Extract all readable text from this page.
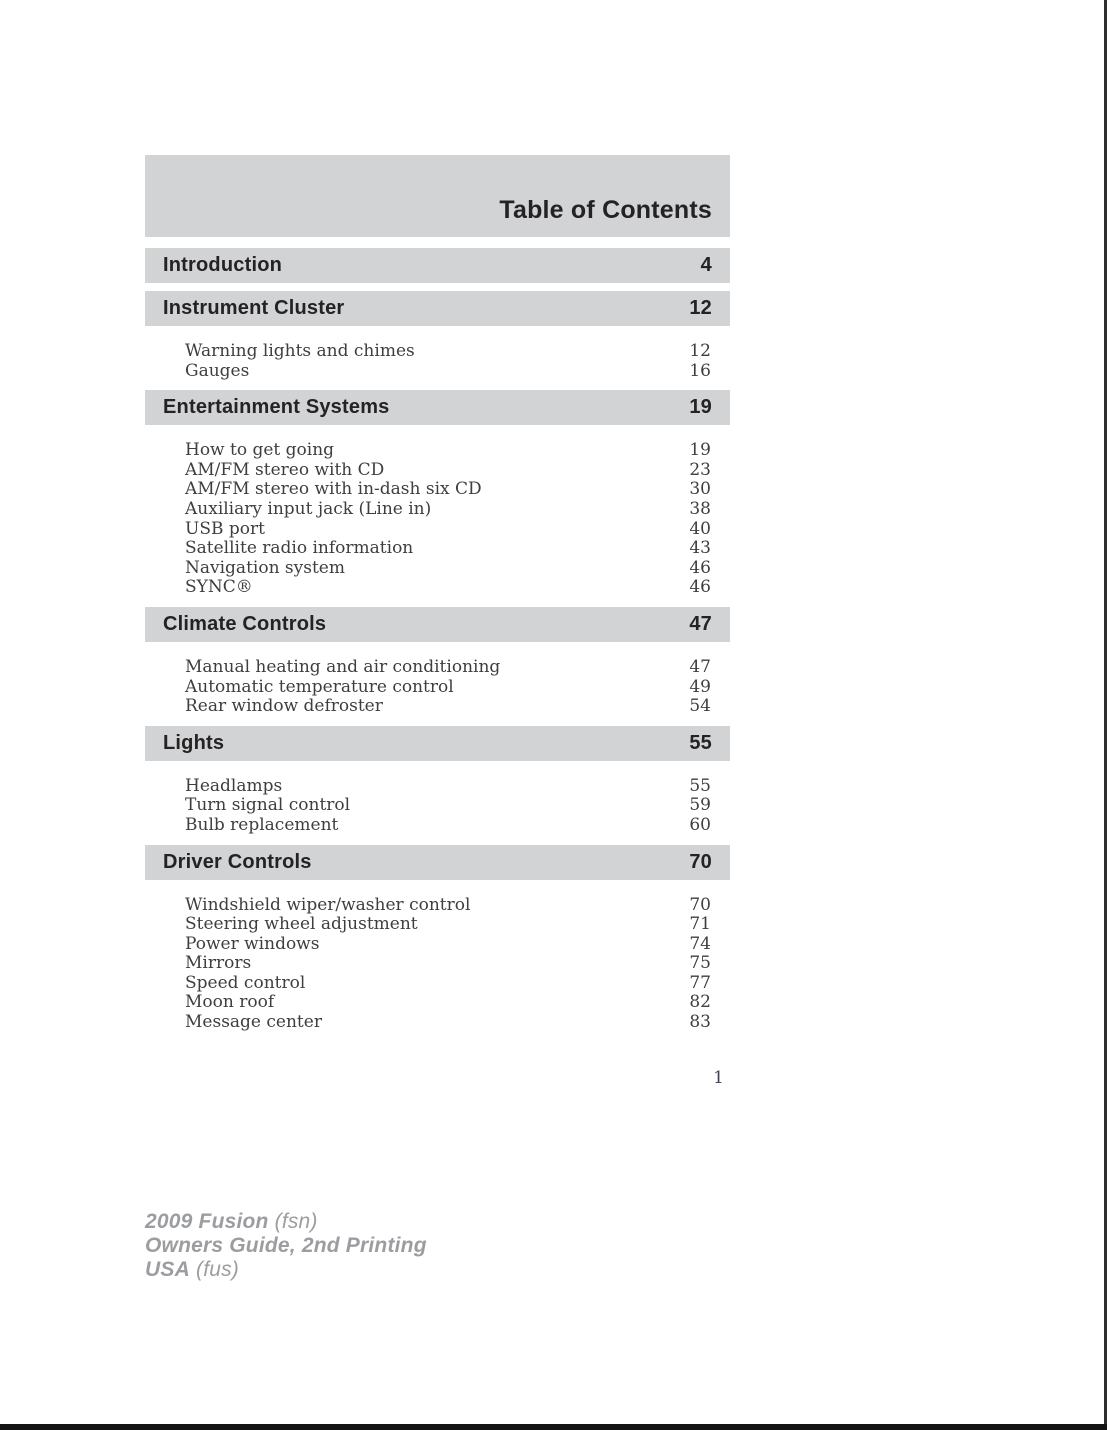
Table of Contents
Introduction	4
Instrument Cluster	12
Warning lights and chimes	12
Gauges	16
Entertainment Systems	19
How to get going	19
AM/FM stereo with CD	23
AM/FM stereo with in-dash six CD	30
Auxiliary input jack (Line in)	38
USB port	40
Satellite radio information	43
Navigation system	46
SYNC®	46
Climate Controls	47
Manual heating and air conditioning	47
Automatic temperature control	49
Rear window defroster	54
Lights	55
Headlamps	55
Turn signal control	59
Bulb replacement	60
Driver Controls	70
Windshield wiper/washer control	70
Steering wheel adjustment	71
Power windows	74
Mirrors	75
Speed control	77
Moon roof	82
Message center	83
1
2009 Fusion (fsn)
Owners Guide, 2nd Printing
USA (fus)
